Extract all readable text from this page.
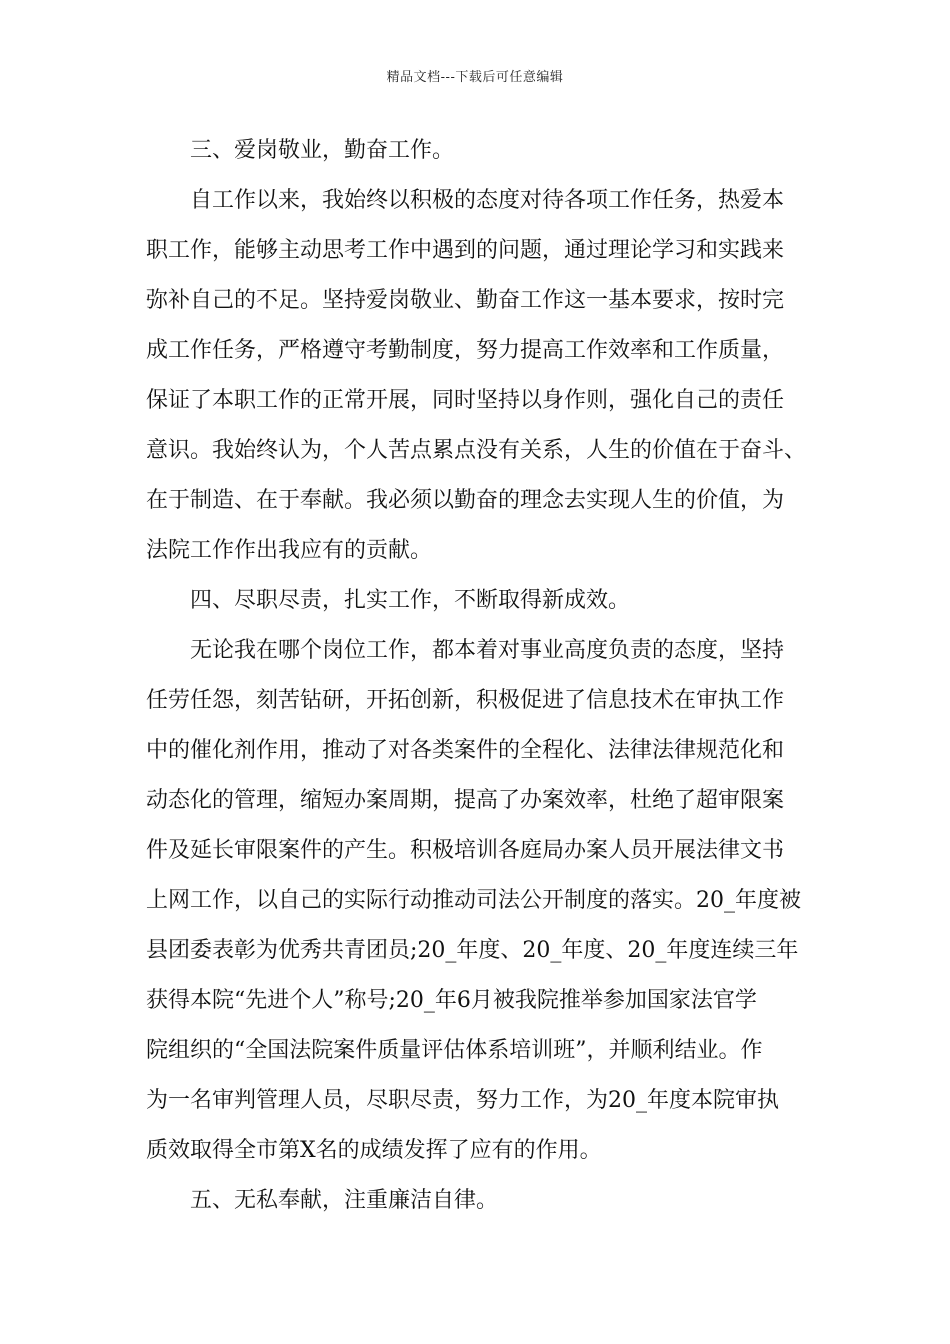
精品文档---下载后可任意编辑
三、爱岗敬业，勤奋工作。
自工作以来，我始终以积极的态度对待各项工作任务，热爱本
职工作，能够主动思考工作中遇到的问题，通过理论学习和实践来
弥补自己的不足。坚持爱岗敬业、勤奋工作这一基本要求，按时完
成工作任务，严格遵守考勤制度，努力提高工作效率和工作质量，
保证了本职工作的正常开展，同时坚持以身作则，强化自己的责任
意识。我始终认为，个人苦点累点没有关系，人生的价值在于奋斗、
在于制造、在于奉献。我必须以勤奋的理念去实现人生的价值，为
法院工作作出我应有的贡献。
四、尽职尽责，扎实工作，不断取得新成效。
无论我在哪个岗位工作，都本着对事业高度负责的态度，坚持
任劳任怨，刻苦钻研，开拓创新，积极促进了信息技术在审执工作
中的催化剂作用，推动了对各类案件的全程化、法律法律规范化和
动态化的管理，缩短办案周期，提高了办案效率，杜绝了超审限案
件及延长审限案件的产生。积极培训各庭局办案人员开展法律文书
上网工作，以自己的实际行动推动司法公开制度的落实。20_年度被
县团委表彰为优秀共青团员;20_年度、20_年度、20_年度连续三年
获得本院“先进个人”称号;20_年6月被我院推举参加国家法官学
院组织的“全国法院案件质量评估体系培训班”，并顺利结业。作
为一名审判管理人员，尽职尽责，努力工作，为20_年度本院审执
质效取得全市第X名的成绩发挥了应有的作用。
五、无私奉献，注重廉洁自律。
